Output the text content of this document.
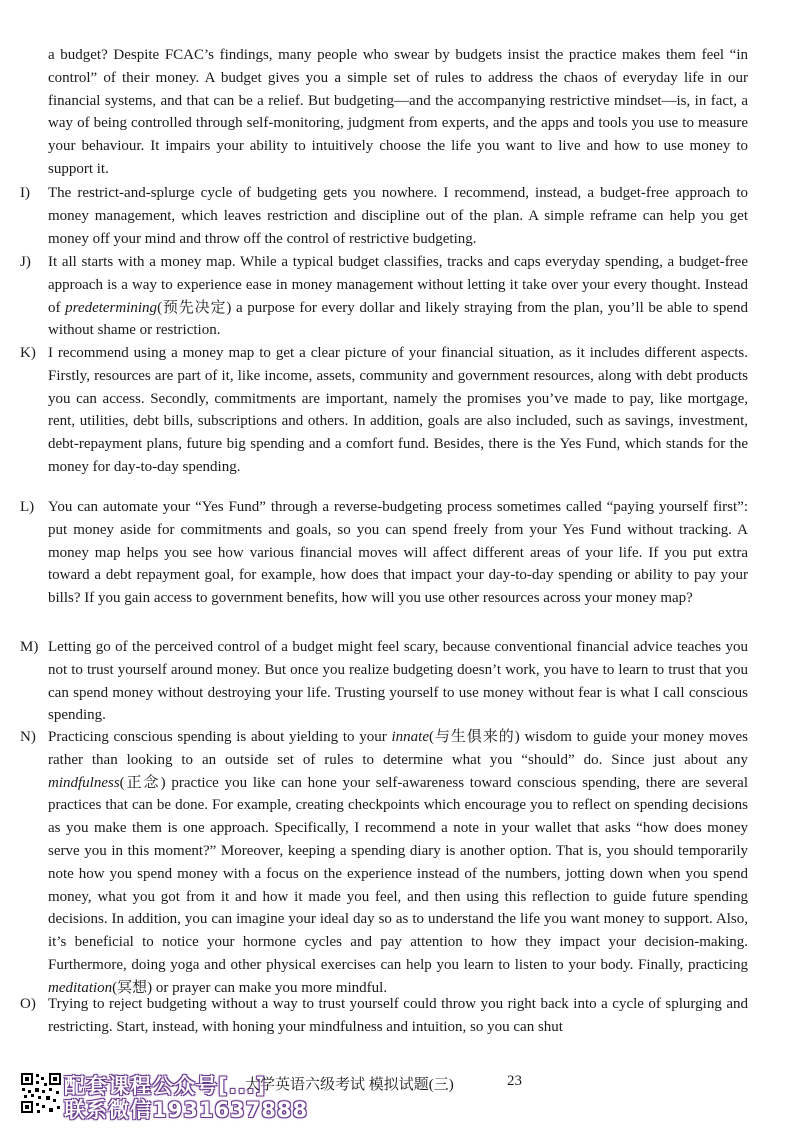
a budget? Despite FCAC’s findings, many people who swear by budgets insist the practice makes them feel “in control” of their money. A budget gives you a simple set of rules to address the chaos of everyday life in our financial systems, and that can be a relief. But budgeting—and the accompanying restrictive mindset—is, in fact, a way of being controlled through self-monitoring, judgment from experts, and the apps and tools you use to measure your behaviour. It impairs your ability to intuitively choose the life you want to live and how to use money to support it.
I) The restrict-and-splurge cycle of budgeting gets you nowhere. I recommend, instead, a budget-free approach to money management, which leaves restriction and discipline out of the plan. A simple reframe can help you get money off your mind and throw off the control of restrictive budgeting.
J) It all starts with a money map. While a typical budget classifies, tracks and caps everyday spending, a budget-free approach is a way to experience ease in money management without letting it take over your every thought. Instead of predetermining(预先决定) a purpose for every dollar and likely straying from the plan, you’ll be able to spend without shame or restriction.
K) I recommend using a money map to get a clear picture of your financial situation, as it includes different aspects. Firstly, resources are part of it, like income, assets, community and government resources, along with debt products you can access. Secondly, commitments are important, namely the promises you’ve made to pay, like mortgage, rent, utilities, debt bills, subscriptions and others. In addition, goals are also included, such as savings, investment, debt-repayment plans, future big spending and a comfort fund. Besides, there is the Yes Fund, which stands for the money for day-to-day spending.
L) You can automate your “Yes Fund” through a reverse-budgeting process sometimes called “paying yourself first”: put money aside for commitments and goals, so you can spend freely from your Yes Fund without tracking. A money map helps you see how various financial moves will affect different areas of your life. If you put extra toward a debt repayment goal, for example, how does that impact your day-to-day spending or ability to pay your bills? If you gain access to government benefits, how will you use other resources across your money map?
M) Letting go of the perceived control of a budget might feel scary, because conventional financial advice teaches you not to trust yourself around money. But once you realize budgeting doesn’t work, you have to learn to trust that you can spend money without destroying your life. Trusting yourself to use money without fear is what I call conscious spending.
N) Practicing conscious spending is about yielding to your innate(与生俱来的) wisdom to guide your money moves rather than looking to an outside set of rules to determine what you “should” do. Since just about any mindfulness(正念) practice you like can hone your self-awareness toward conscious spending, there are several practices that can be done. For example, creating checkpoints which encourage you to reflect on spending decisions as you make them is one approach. Specifically, I recommend a note in your wallet that asks “how does money serve you in this moment?” Moreover, keeping a spending diary is another option. That is, you should temporarily note how you spend money with a focus on the experience instead of the numbers, jotting down when you spend money, what you got from it and how it made you feel, and then using this reflection to guide future spending decisions. In addition, you can imagine your ideal day so as to understand the life you want money to support. Also, it’s beneficial to notice your hormone cycles and pay attention to how they impact your decision-making. Furthermore, doing yoga and other physical exercises can help you learn to listen to your body. Finally, practicing meditation(冥想) or prayer can make you more mindful.
O) Trying to reject budgeting without a way to trust yourself could throw you right back into a cycle of splurging and restricting. Start, instead, with honing your mindfulness and intuition, so you can shut
配套课程公众号[...]
联系微信1931637888
大学英语六级考试 模拟试题(三)	23
